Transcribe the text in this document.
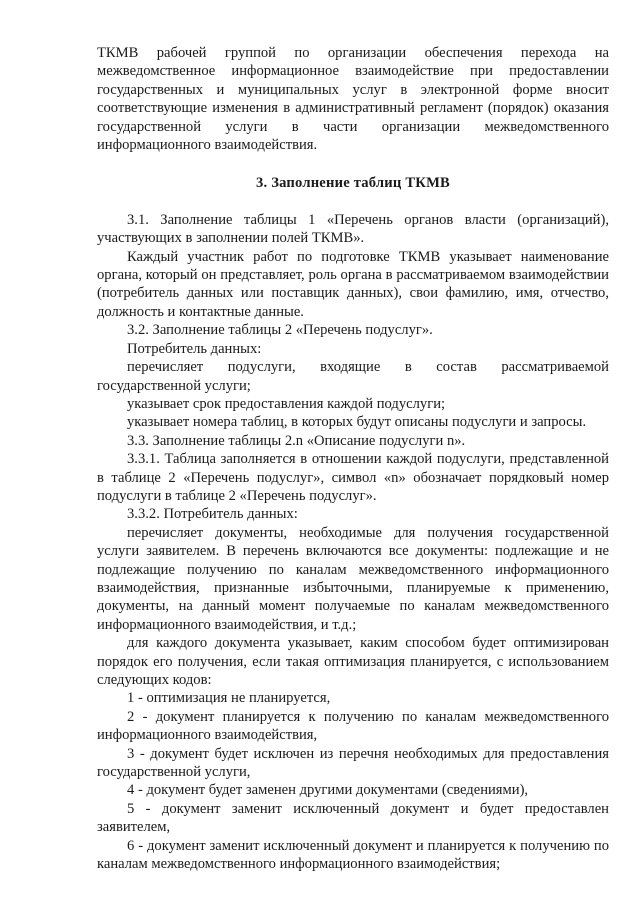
ТКМВ рабочей группой по организации обеспечения перехода на межведомственное информационное взаимодействие при предоставлении государственных и муниципальных услуг в электронной форме вносит соответствующие изменения в административный регламент (порядок) оказания государственной услуги в части организации межведомственного информационного взаимодействия.

3. Заполнение таблиц ТКМВ

3.1. Заполнение таблицы 1 «Перечень органов власти (организаций), участвующих в заполнении полей ТКМВ».

Каждый участник работ по подготовке ТКМВ указывает наименование органа, который он представляет, роль органа в рассматриваемом взаимодействии (потребитель данных или поставщик данных), свои фамилию, имя, отчество, должность и контактные данные.

3.2. Заполнение таблицы 2 «Перечень подуслуг».

Потребитель данных:

перечисляет подуслуги, входящие в состав рассматриваемой государственной услуги;

указывает срок предоставления каждой подуслуги;

указывает номера таблиц, в которых будут описаны подуслуги и запросы.

3.3. Заполнение таблицы 2.n «Описание подуслуги n».

3.3.1. Таблица заполняется в отношении каждой подуслуги, представленной в таблице 2 «Перечень подуслуг», символ «n» обозначает порядковый номер подуслуги в таблице 2 «Перечень подуслуг».

3.3.2. Потребитель данных:

перечисляет документы, необходимые для получения государственной услуги заявителем. В перечень включаются все документы: подлежащие и не подлежащие получению по каналам межведомственного информационного взаимодействия, признанные избыточными, планируемые к применению, документы, на данный момент получаемые по каналам межведомственного информационного взаимодействия, и т.д.;

для каждого документа указывает, каким способом будет оптимизирован порядок его получения, если такая оптимизация планируется, с использованием следующих кодов:

1 - оптимизация не планируется,

2 - документ планируется к получению по каналам межведомственного информационного взаимодействия,

3 - документ будет исключен из перечня необходимых для предоставления государственной услуги,

4 - документ будет заменен другими документами (сведениями),

5 - документ заменит исключенный документ и будет предоставлен заявителем,

6 - документ заменит исключенный документ и планируется к получению по каналам межведомственного информационного взаимодействия;
